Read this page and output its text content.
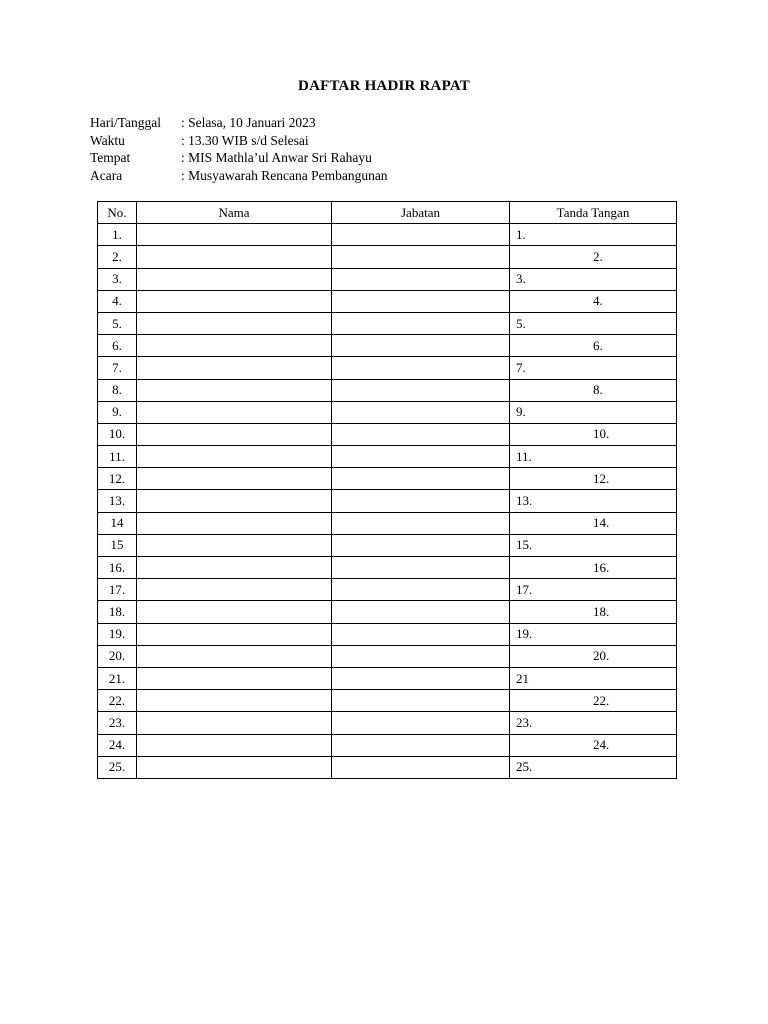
DAFTAR HADIR RAPAT
Hari/Tanggal	: Selasa, 10 Januari 2023
Waktu	: 13.30 WIB s/d Selesai
Tempat	: MIS Mathla’ul Anwar Sri Rahayu
Acara	: Musyawarah Rencana Pembangunan
No.	Nama	Jabatan	Tanda Tangan
1.			1.
2.			2.
3.			3.
4.			4.
5.			5.
6.			6.
7.			7.
8.			8.
9.			9.
10.			10.
11.			11.
12.			12.
13.			13.
14			14.
15			15.
16.			16.
17.			17.
18.			18.
19.			19.
20.			20.
21.			21
22.			22.
23.			23.
24.			24.
25.			25.
